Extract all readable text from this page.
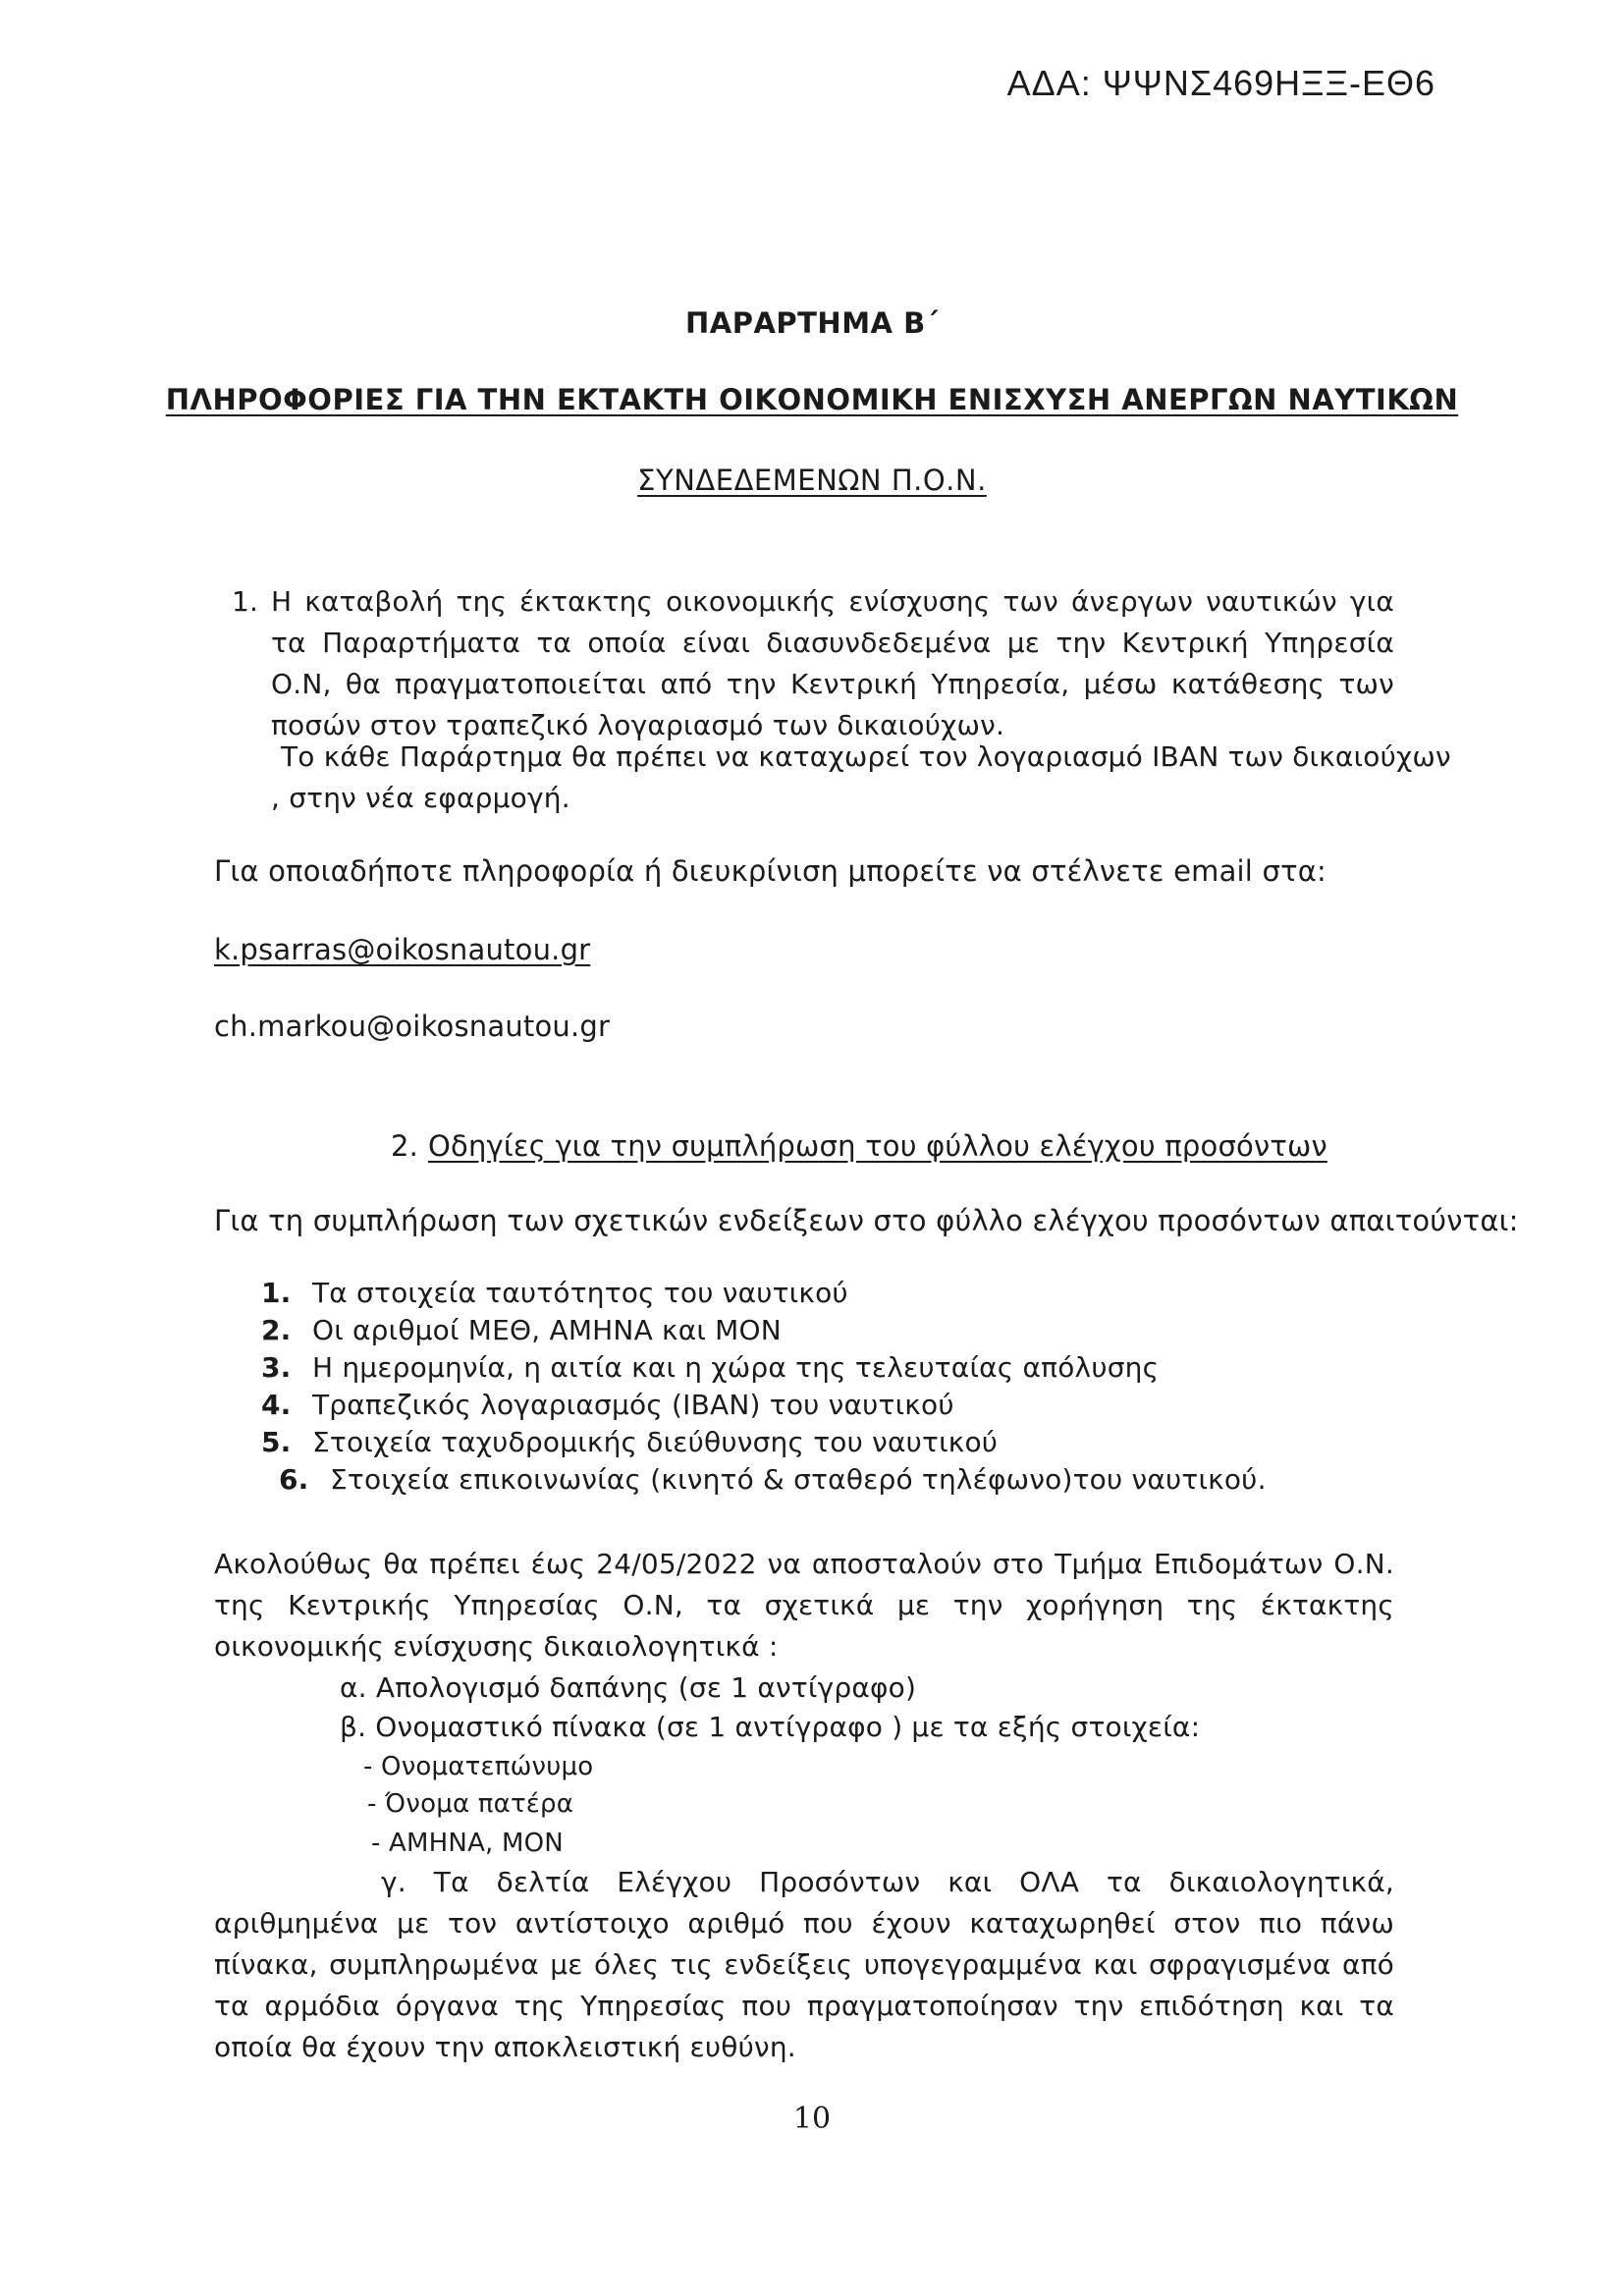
ΑΔΑ: ΨΨΝΣ469ΗΞΞ-ΕΘ6
ΠΑΡΑΡΤΗΜΑ Β΄
ΠΛΗΡΟΦΟΡΙΕΣ ΓΙΑ ΤΗΝ ΕΚΤΑΚΤΗ ΟΙΚΟΝΟΜΙΚΗ ΕΝΙΣΧΥΣΗ ΑΝΕΡΓΩΝ ΝΑΥΤΙΚΩΝ
ΣΥΝΔΕΔΕΜΕΝΩΝ Π.Ο.Ν.
1. Η καταβολή της έκτακτης οικονομικής ενίσχυσης των άνεργων ναυτικών για τα Παραρτήματα τα οποία είναι διασυνδεδεμένα με την Κεντρική Υπηρεσία Ο.Ν, θα πραγματοποιείται από την Κεντρική Υπηρεσία, μέσω κατάθεσης των ποσών στον τραπεζικό λογαριασμό των δικαιούχων.
Το κάθε Παράρτημα θα πρέπει να καταχωρεί τον λογαριασμό IBAN των δικαιούχων
, στην νέα εφαρμογή.
Για οποιαδήποτε πληροφορία ή διευκρίνιση μπορείτε να στέλνετε email στα:
k.psarras@oikosnautou.gr
ch.markou@oikosnautou.gr
2. Οδηγίες για την συμπλήρωση του φύλλου ελέγχου προσόντων
Για τη συμπλήρωση των σχετικών ενδείξεων στο φύλλο ελέγχου προσόντων απαιτούνται:
1. Τα στοιχεία ταυτότητος του ναυτικού
2. Οι αριθμοί ΜΕΘ, ΑΜΗΝΑ και ΜΟΝ
3. Η ημερομηνία, η αιτία και η χώρα της τελευταίας απόλυσης
4. Τραπεζικός λογαριασμός (IBAN) του ναυτικού
5. Στοιχεία ταχυδρομικής διεύθυνσης του ναυτικού
6. Στοιχεία επικοινωνίας (κινητό & σταθερό τηλέφωνο)του ναυτικού.
Ακολούθως θα πρέπει έως 24/05/2022 να αποσταλούν στο Τμήμα Επιδομάτων Ο.Ν. της Κεντρικής Υπηρεσίας Ο.Ν, τα σχετικά με την χορήγηση της έκτακτης οικονομικής ενίσχυσης δικαιολογητικά :
α. Απολογισμό δαπάνης (σε 1 αντίγραφο)
β. Ονομαστικό πίνακα (σε 1 αντίγραφο ) με τα εξής στοιχεία:
- Ονοματεπώνυμο
- Όνομα πατέρα
- ΑΜΗΝΑ, ΜΟΝ
γ. Τα δελτία Ελέγχου Προσόντων και ΟΛΑ τα δικαιολογητικά, αριθμημένα με τον αντίστοιχο αριθμό που έχουν καταχωρηθεί στον πιο πάνω πίνακα, συμπληρωμένα με όλες τις ενδείξεις υπογεγραμμένα και σφραγισμένα από τα αρμόδια όργανα της Υπηρεσίας που πραγματοποίησαν την επιδότηση και τα οποία θα έχουν την αποκλειστική ευθύνη.
10
